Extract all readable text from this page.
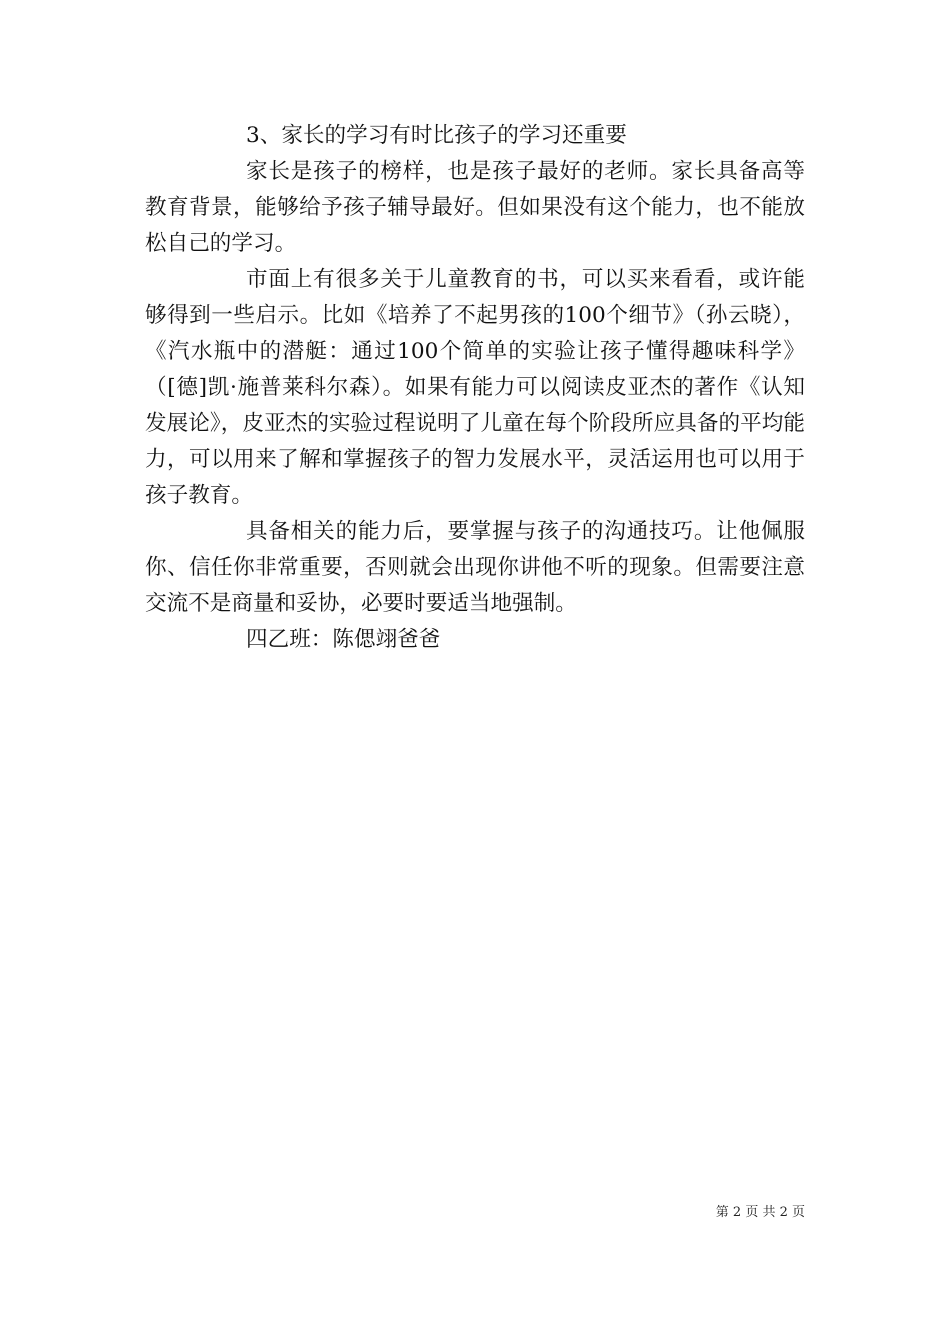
3、家长的学习有时比孩子的学习还重要

家长是孩子的榜样，也是孩子最好的老师。家长具备高等教育背景，能够给予孩子辅导最好。但如果没有这个能力，也不能放松自己的学习。

市面上有很多关于儿童教育的书，可以买来看看，或许能够得到一些启示。比如《培养了不起男孩的100个细节》（孙云晓），《汽水瓶中的潜艇：通过100个简单的实验让孩子懂得趣味科学》（[德]凯·施普莱科尔森）。如果有能力可以阅读皮亚杰的著作《认知发展论》，皮亚杰的实验过程说明了儿童在每个阶段所应具备的平均能力，可以用来了解和掌握孩子的智力发展水平，灵活运用也可以用于孩子教育。

具备相关的能力后，要掌握与孩子的沟通技巧。让他佩服你、信任你非常重要，否则就会出现你讲他不听的现象。但需要注意交流不是商量和妥协，必要时要适当地强制。

四乙班：陈偲翊爸爸

第 2 页 共 2 页
